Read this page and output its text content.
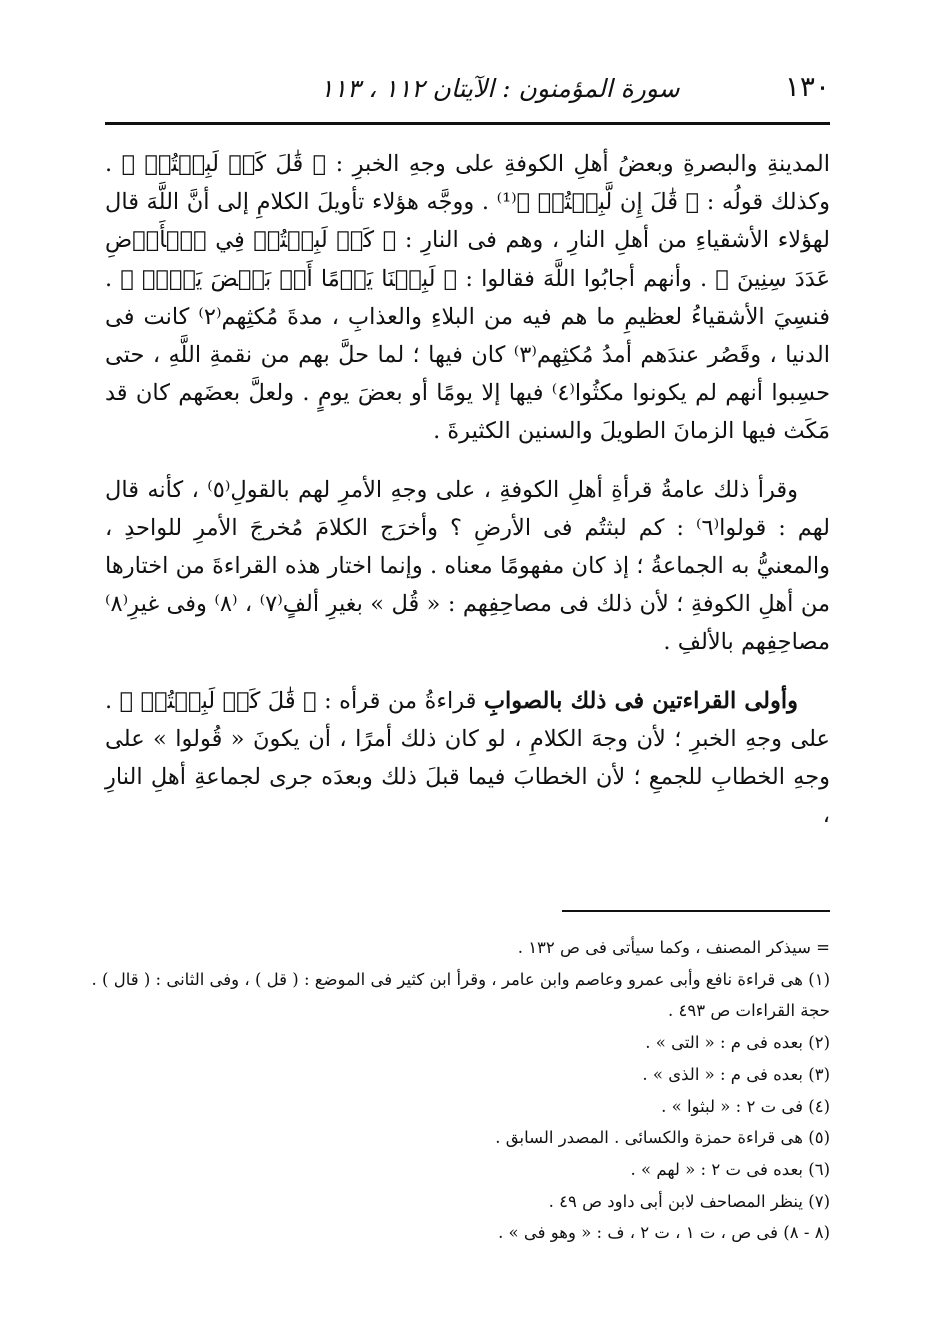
١٣٠
سورة المؤمنون : الآيتان ١١٢ ، ١١٣

المدينةِ والبصرةِ وبعضُ أهلِ الكوفةِ على وجهِ الخبرِ : ﴿ قَٰلَ كَمۡ لَبِثۡتُمۡ ﴾ . وكذلك قولُه : ﴿ قَٰلَ إِن لَّبِثۡتُمۡ ﴾⁽¹⁾ . ووجَّه هؤلاء تأويلَ الكلامِ إلى أنَّ اللَّهَ قال لهؤلاء الأشقياءِ من أهلِ النارِ ، وهم فى النارِ : ﴿ كَمۡ لَبِثۡتُمۡ فِي ٱلۡأَرۡضِ عَدَدَ سِنِينَ ﴾ . وأنهم أجابُوا اللَّهَ فقالوا : ﴿ لَبِثۡنَا يَوۡمًا أَوۡ بَعۡضَ يَوۡمٖ ﴾ . فنسِيَ الأشقياءُ لعظيمِ ما هم فيه من البلاءِ والعذابِ ، مدةَ مُكثِهم⁽٢⁾ كانت فى الدنيا ، وقَصُر عندَهم أمدُ مُكثِهم⁽٣⁾ كان فيها ؛ لما حلَّ بهم من نقمةِ اللَّهِ ، حتى حسِبوا أنهم لم يكونوا مكثُوا⁽٤⁾ فيها إلا يومًا أو بعضَ يومٍ . ولعلَّ بعضَهم كان قد مَكَث فيها الزمانَ الطويلَ والسنين الكثيرةَ .

وقرأ ذلك عامةُ قرأةِ أهلِ الكوفةِ ، على وجهِ الأمرِ لهم بالقولِ⁽٥⁾ ، كأنه قال لهم : قولوا⁽٦⁾ : كم لبثتُم فى الأرضِ ؟ وأخرَج الكلامَ مُخرجَ الأمرِ للواحدِ ، والمعنيُّ به الجماعةُ ؛ إذ كان مفهومًا معناه . وإنما اختار هذه القراءةَ من اختارها من أهلِ الكوفةِ ؛ لأن ذلك فى مصاحِفِهم : « قُل » بغيرِ ألفٍ⁽٧⁾ ، ⁽٨⁾ وفى غيرِ⁽٨⁾ مصاحِفِهم بالألفِ .

وأولى القراءتين فى ذلك بالصوابِ قراءةُ من قرأه : ﴿ قَٰلَ كَمۡ لَبِثۡتُمۡ ﴾ . على وجهِ الخبرِ ؛ لأن وجهَ الكلامِ ، لو كان ذلك أمرًا ، أن يكونَ « قُولوا » على وجهِ الخطابِ للجمعِ ؛ لأن الخطابَ فيما قبلَ ذلك وبعدَه جرى لجماعةِ أهلِ النارِ ،

= سيذكر المصنف ، وكما سيأتى فى ص ١٣٢ .
(١) هى قراءة نافع وأبى عمرو وعاصم وابن عامر ، وقرأ ابن كثير فى الموضع : ( قل ) ، وفى الثانى : ( قال ) .
حجة القراءات ص ٤٩٣ .
(٢) بعده فى م : « التى » .
(٣) بعده فى م : « الذى » .
(٤) فى ت ٢ : « لبثوا » .
(٥) هى قراءة حمزة والكسائى . المصدر السابق .
(٦) بعده فى ت ٢ : « لهم » .
(٧) ينظر المصاحف لابن أبى داود ص ٤٩ .
(٨ - ٨) فى ص ، ت ١ ، ت ٢ ، ف : « وهو فى » .
